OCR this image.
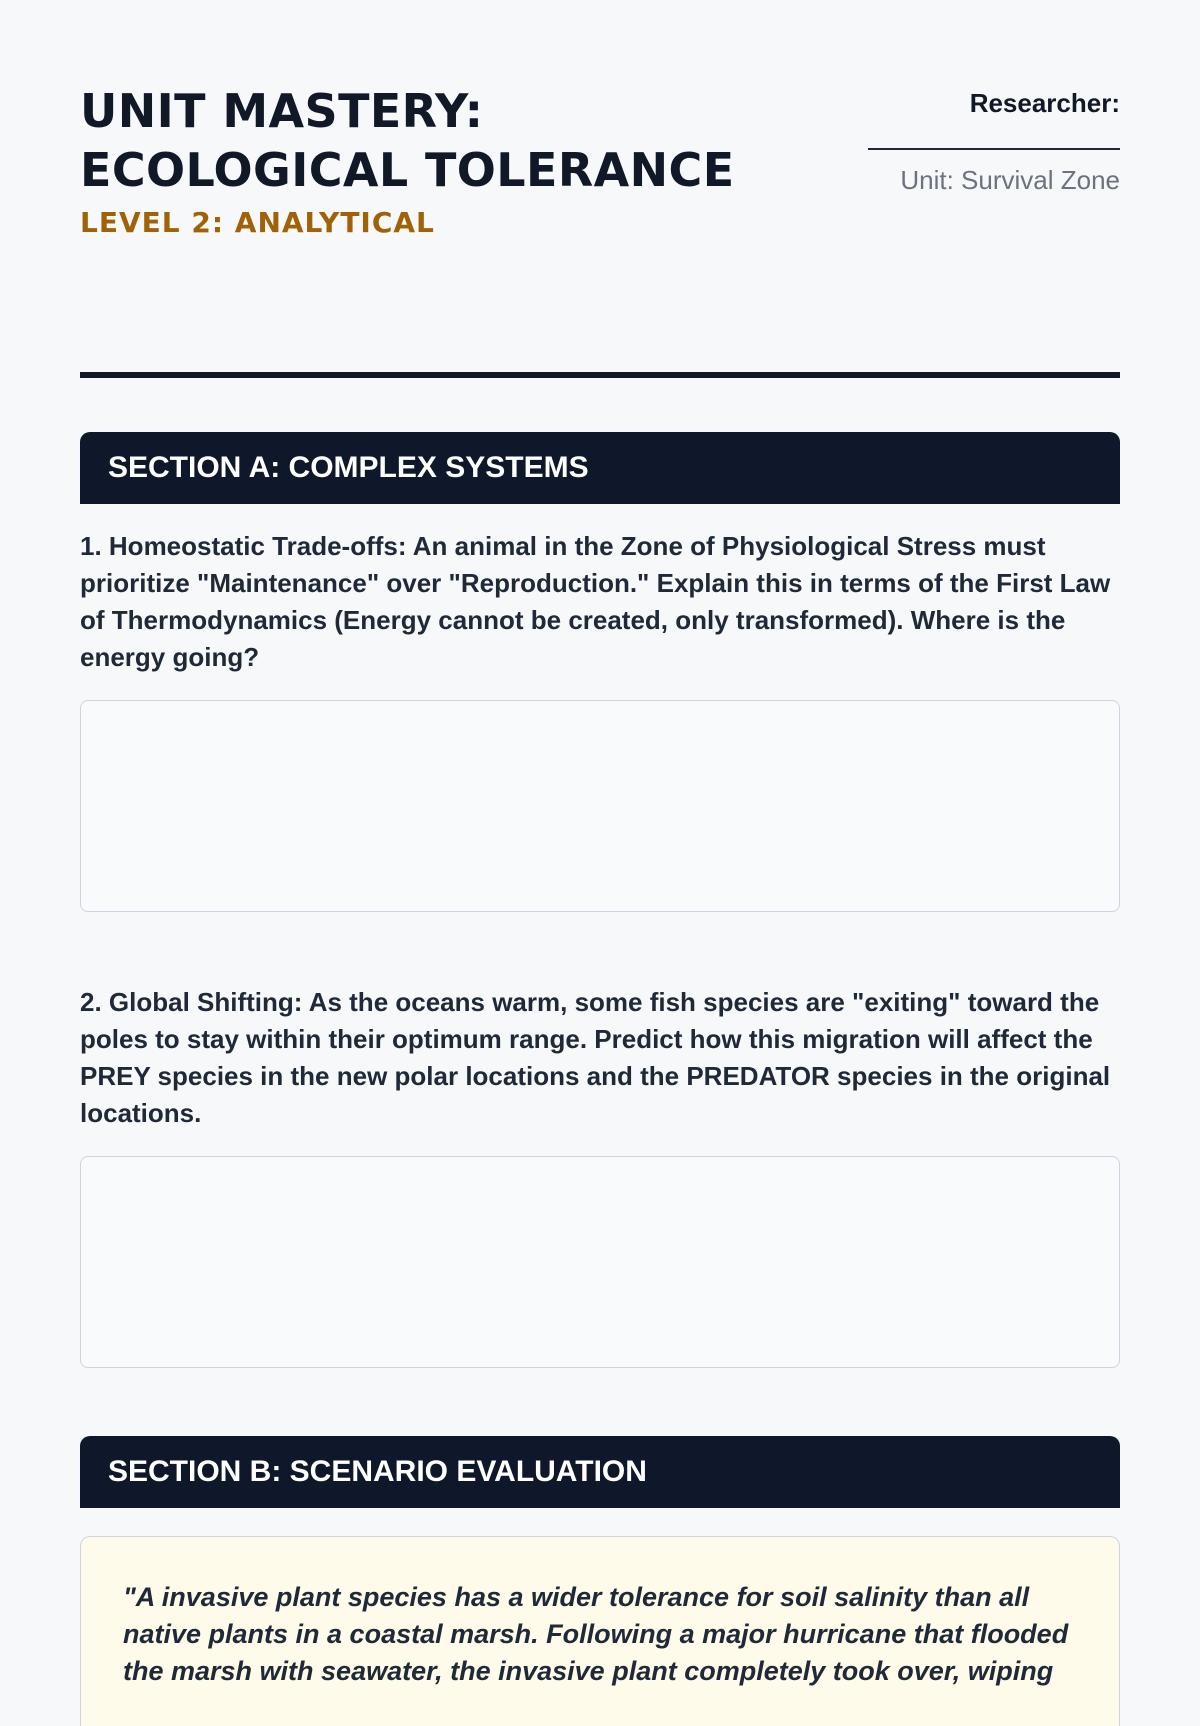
UNIT MASTERY:
ECOLOGICAL TOLERANCE
LEVEL 2: ANALYTICAL
Researcher:
Unit: Survival Zone
SECTION A: COMPLEX SYSTEMS
1. Homeostatic Trade-offs: An animal in the Zone of Physiological Stress must prioritize "Maintenance" over "Reproduction." Explain this in terms of the First Law of Thermodynamics (Energy cannot be created, only transformed). Where is the energy going?
2. Global Shifting: As the oceans warm, some fish species are "exiting" toward the poles to stay within their optimum range. Predict how this migration will affect the PREY species in the new polar locations and the PREDATOR species in the original locations.
SECTION B: SCENARIO EVALUATION
"A invasive plant species has a wider tolerance for soil salinity than all native plants in a coastal marsh. Following a major hurricane that flooded the marsh with seawater, the invasive plant completely took over, wiping
